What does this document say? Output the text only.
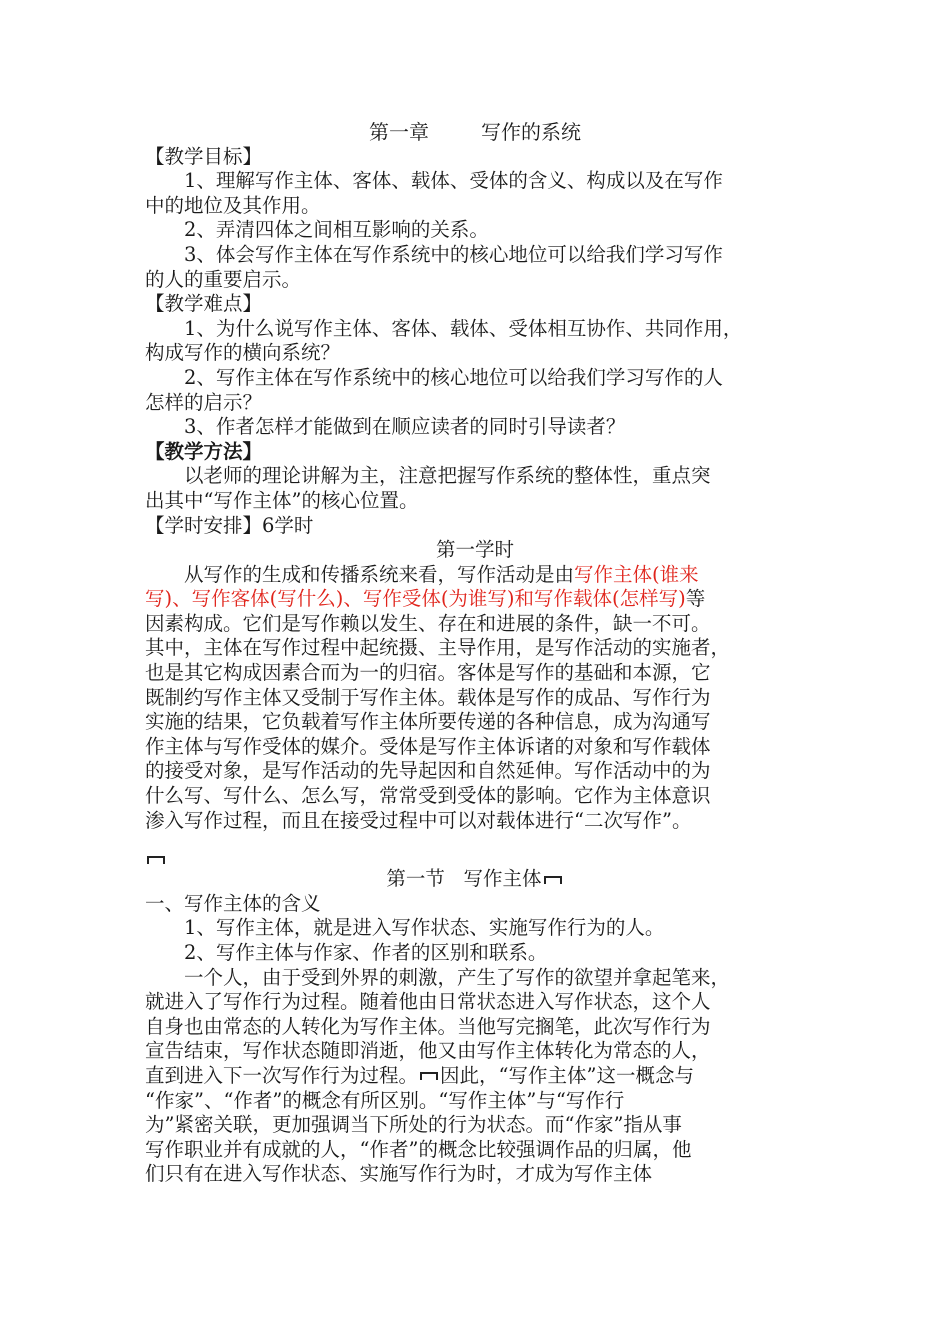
第一章	写作的系统
【教学目标】
1、理解写作主体、客体、载体、受体的含义、构成以及在写作
中的地位及其作用。
2、弄清四体之间相互影响的关系。
3、体会写作主体在写作系统中的核心地位可以给我们学习写作
的人的重要启示。
【教学难点】
1、为什么说写作主体、客体、载体、受体相互协作、共同作用，
构成写作的横向系统？
2、写作主体在写作系统中的核心地位可以给我们学习写作的人
怎样的启示？
3、作者怎样才能做到在顺应读者的同时引导读者？
【教学方法】
以老师的理论讲解为主，注意把握写作系统的整体性，重点突
出其中“写作主体”的核心位置。
【学时安排】6学时
第一学时
从写作的生成和传播系统来看，写作活动是由写作主体(谁来
写)、写作客体(写什么)、写作受体(为谁写)和写作载体(怎样写)等
因素构成。它们是写作赖以发生、存在和进展的条件，缺一不可。
其中，主体在写作过程中起统摄、主导作用，是写作活动的实施者，
也是其它构成因素合而为一的归宿。客体是写作的基础和本源，它
既制约写作主体又受制于写作主体。载体是写作的成品、写作行为
实施的结果，它负载着写作主体所要传递的各种信息，成为沟通写
作主体与写作受体的媒介。受体是写作主体诉诸的对象和写作载体
的接受对象，是写作活动的先导起因和自然延伸。写作活动中的为
什么写、写什么、怎么写，常常受到受体的影响。它作为主体意识
渗入写作过程，而且在接受过程中可以对载体进行“二次写作”。
第一节 写作主体
一、写作主体的含义
1、写作主体，就是进入写作状态、实施写作行为的人。
2、写作主体与作家、作者的区别和联系。
一个人，由于受到外界的刺激，产生了写作的欲望并拿起笔来，
就进入了写作行为过程。随着他由日常状态进入写作状态，这个人
自身也由常态的人转化为写作主体。当他写完搁笔，此次写作行为
宣告结束，写作状态随即消逝，他又由写作主体转化为常态的人，
直到进入下一次写作行为过程。 因此，“写作主体”这一概念与
“作家”、“作者”的概念有所区别。“写作主体”与“写作行
为”紧密关联，更加强调当下所处的行为状态。而“作家”指从事
写作职业并有成就的人，“作者”的概念比较强调作品的归属，他
们只有在进入写作状态、实施写作行为时，才成为写作主体
